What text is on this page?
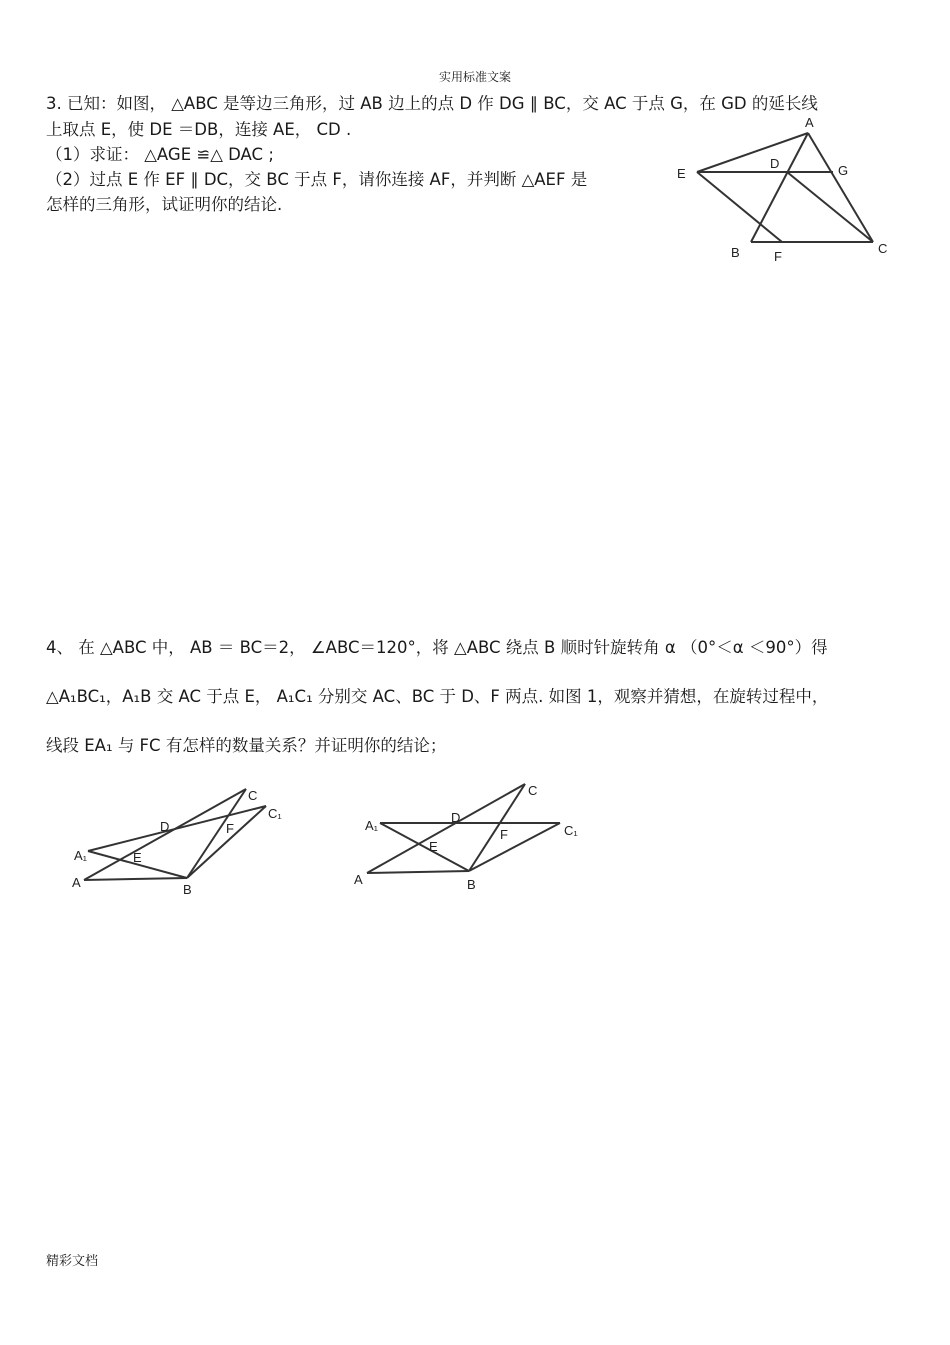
实用标准文案
3. 已知：如图， △ABC 是等边三角形，过 AB 边上的点 D 作 DG ∥ BC，交 AC 于点 G，在 GD 的延长线
上取点 E，使 DE ＝DB，连接 AE， CD .
（1）求证： △AGE ≌△ DAC ;
（2）过点 E 作 EF ∥ DC，交 BC 于点 F，请你连接 AF，并判断 △AEF 是
怎样的三角形，试证明你的结论.
A
E
D	G
B	F
C
4、 在 △ABC 中， AB ＝ BC＝2， ∠ABC＝120°，将 △ABC 绕点 B 顺时针旋转角 α （0°＜α ＜90°）得
△A₁BC₁，A₁B 交 AC 于点 E， A₁C₁ 分别交 AC、BC 于 D、F 两点. 如图 1，观察并猜想，在旋转过程中，
线段 EA₁ 与 FC 有怎样的数量关系？并证明你的结论；
C
C₁
D	F
A₁	E
A	B
C
C₁
D
F
A₁
E
A	B
精彩文档
